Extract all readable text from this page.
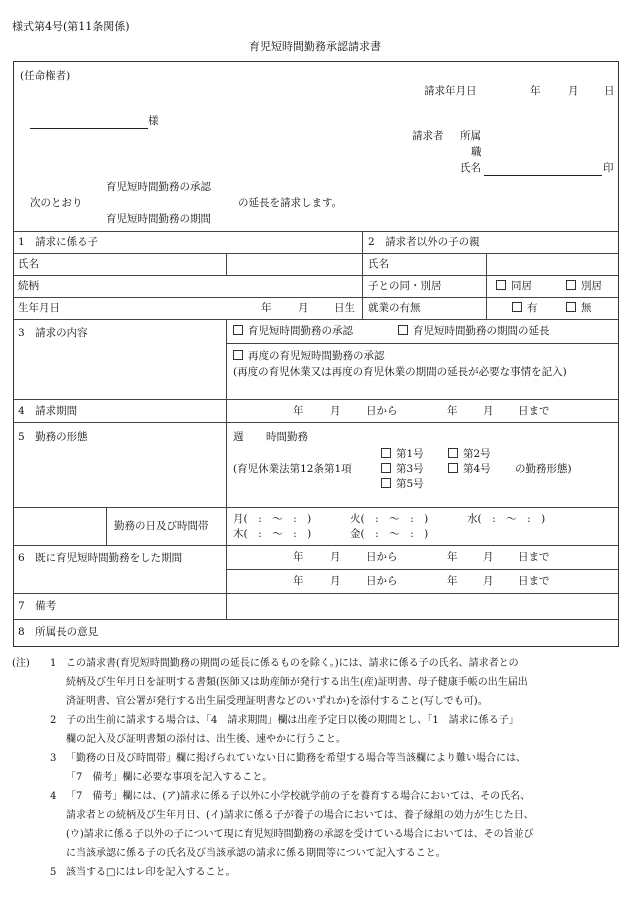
様式第4号(第11条関係)
育児短時間勤務承認請求書
(任命権者)
請求年月日	年	月 日
様
請求者 所属
職
氏名	印
育児短時間勤務の承認
次のとおり	の延長を請求します。
育児短時間勤務の期間
1　請求に係る子	2　請求者以外の子の親
氏名	氏名
続柄	子との同・別居	同居	別居
生年月日	年	月 日生 就業の有無	有	無
3　請求の内容	育児短時間勤務の承認	育児短時間勤務の期間の延長
再度の育児短時間勤務の承認
(再度の育児休業又は再度の育児休業の期間の延長が必要な事情を記入)
4　請求期間	年	月 日から	年 月 日まで
5　勤務の形態	週 時間勤務
(育児休業法第12条第1項
第1号	第2号
第3号	第4号 の勤務形態)
第5号
勤務の日及び時間帯
月(　:　〜　:　)	火(　:　〜　:　)	水(　:　〜　:　)
木(　:　〜　:　)	金(　:　〜　:　)
6　既に育児短時間勤務をした期間	年	月 日から	年 月 日まで
年	月 日から	年 月 日まで
7　備考
8　所属長の意見
(注) 1 この請求書(育児短時間勤務の期間の延長に係るものを除く。)には、請求に係る子の氏名、請求者との
続柄及び生年月日を証明する書類(医師又は助産師が発行する出生(産)証明書、母子健康手帳の出生届出
済証明書、官公署が発行する出生届受理証明書などのいずれか)を添付すること(写しでも可)。
2 子の出生前に請求する場合は、「4　請求期間」欄は出産予定日以後の期間とし、「1　請求に係る子」
欄の記入及び証明書類の添付は、出生後、速やかに行うこと。
3 「勤務の日及び時間帯」欄に掲げられていない日に勤務を希望する場合等当該欄により難い場合には、
「7　備考」欄に必要な事項を記入すること。
4 「7　備考」欄には、(ア)請求に係る子以外に小学校就学前の子を養育する場合においては、その氏名、
請求者との続柄及び生年月日、(イ)請求に係る子が養子の場合においては、養子縁組の効力が生じた日、
(ウ)請求に係る子以外の子について現に育児短時間勤務の承認を受けている場合においては、その旨並び
に当該承認に係る子の氏名及び当該承認の請求に係る期間等について記入すること。
5 該当する□にはレ印を記入すること。
